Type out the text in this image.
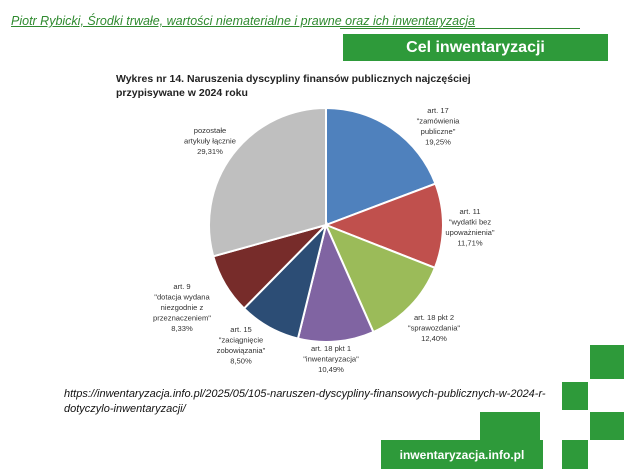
Piotr Rybicki, Środki trwałe, wartości niematerialne i prawne oraz ich inwentaryzacja
Cel inwentaryzacji
Wykres nr 14. Naruszenia dyscypliny finansów publicznych najczęściej przypisywane w 2024 roku
art. 17 "zamówienia publiczne" 19,25%
art. 11 "wydatki bez upoważnienia" 11,71%
art. 18 pkt 2 "sprawozdania" 12,40%
art. 18 pkt 1 "inwentaryzacja" 10,49%
art. 15 "zaciągnięcie zobowiązania" 8,50%
art. 9 "dotacja wydana niezgodnie z przeznaczeniem" 8,33%
pozostałe artykuły łącznie 29,31%
https://inwentaryzacja.info.pl/2025/05/105-naruszen-dyscypliny-finansowych-publicznych-w-2024-r-dotyczylo-inwentaryzacji/
inwentaryzacja.info.pl
